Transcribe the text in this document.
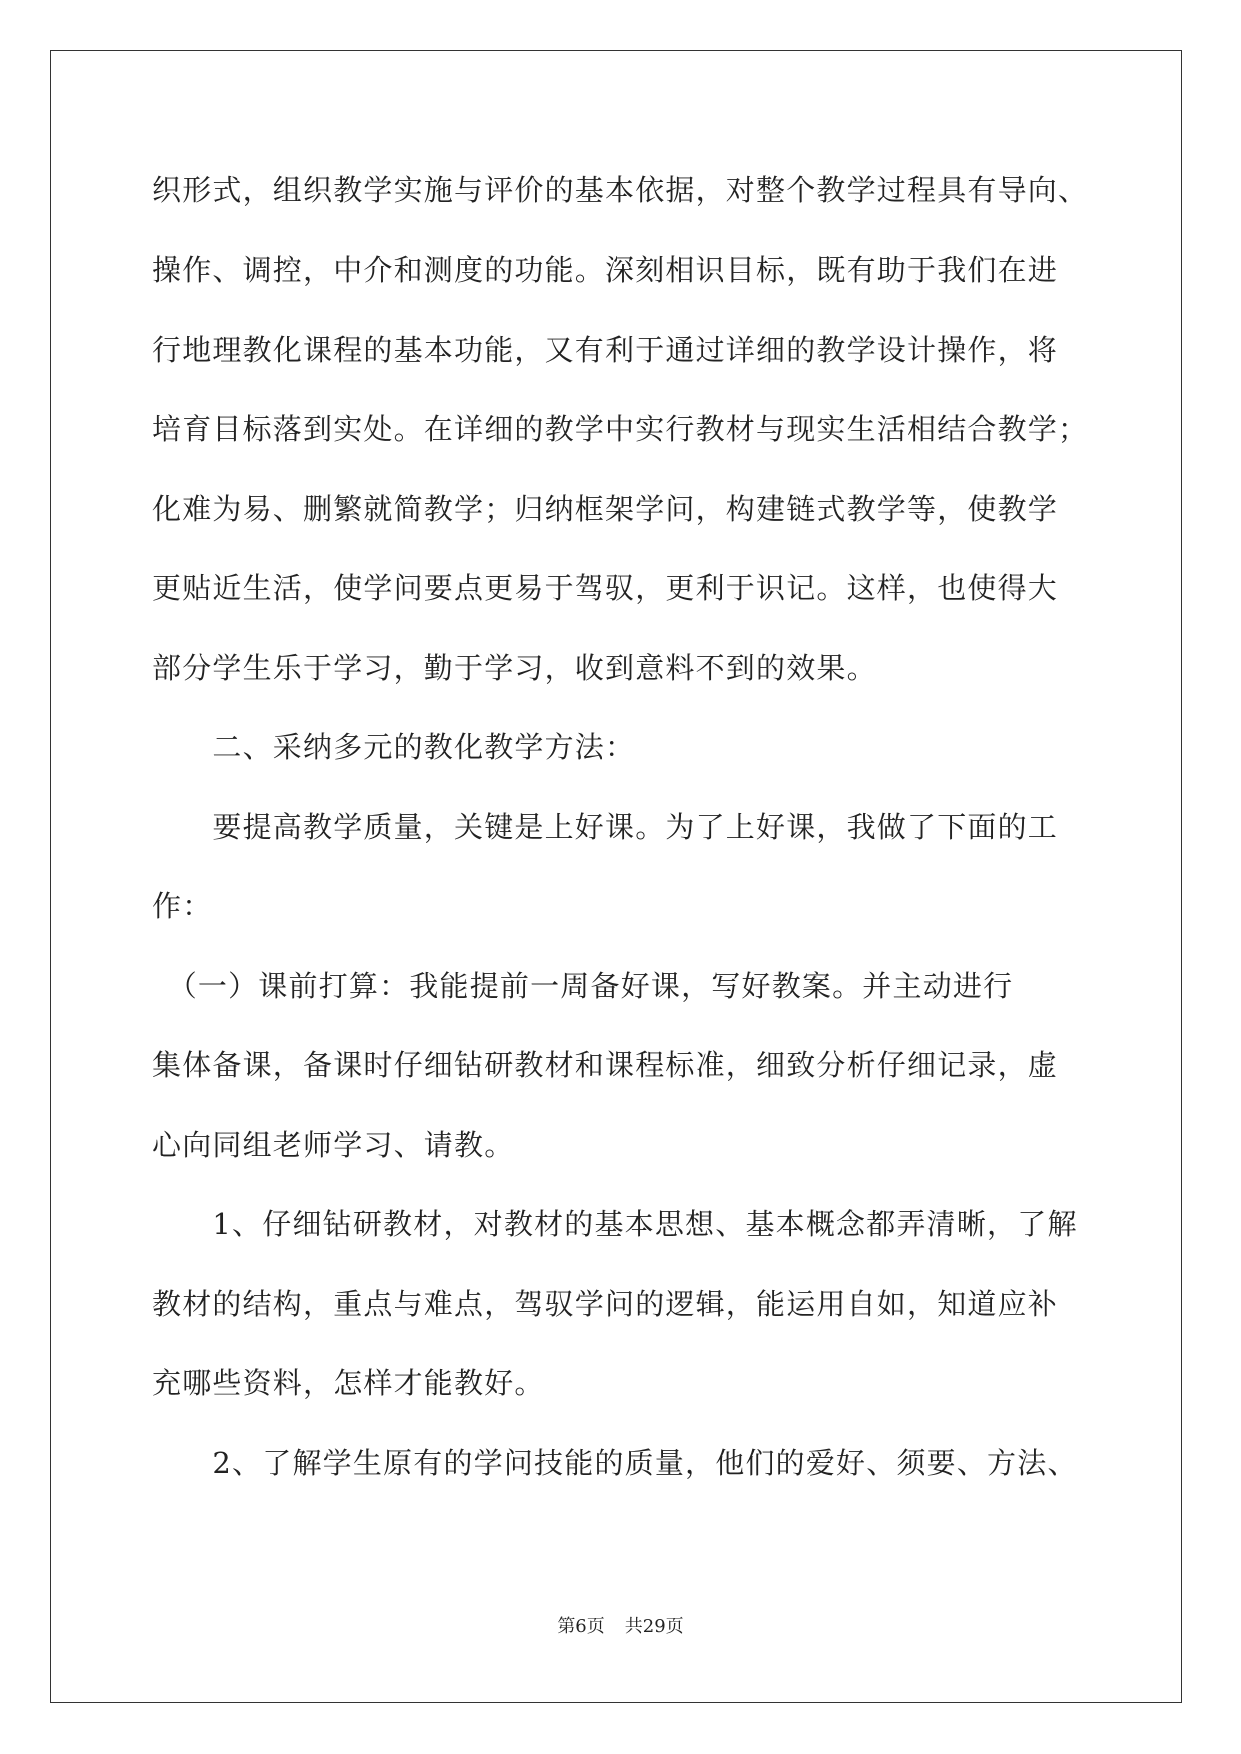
织形式，组织教学实施与评价的基本依据，对整个教学过程具有导向、
操作、调控，中介和测度的功能。深刻相识目标，既有助于我们在进
行地理教化课程的基本功能，又有利于通过详细的教学设计操作，将
培育目标落到实处。在详细的教学中实行教材与现实生活相结合教学；
化难为易、删繁就简教学；归纳框架学问，构建链式教学等，使教学
更贴近生活，使学问要点更易于驾驭，更利于识记。这样，也使得大
部分学生乐于学习，勤于学习，收到意料不到的效果。
　　二、采纳多元的教化教学方法：
　　要提高教学质量，关键是上好课。为了上好课，我做了下面的工
作：
　（一）课前打算：我能提前一周备好课，写好教案。并主动进行
集体备课，备课时仔细钻研教材和课程标准，细致分析仔细记录，虚
心向同组老师学习、请教。
　　1、仔细钻研教材，对教材的基本思想、基本概念都弄清晰，了解
教材的结构，重点与难点，驾驭学问的逻辑，能运用自如，知道应补
充哪些资料，怎样才能教好。
　　2、了解学生原有的学问技能的质量，他们的爱好、须要、方法、
第6页 共29页
